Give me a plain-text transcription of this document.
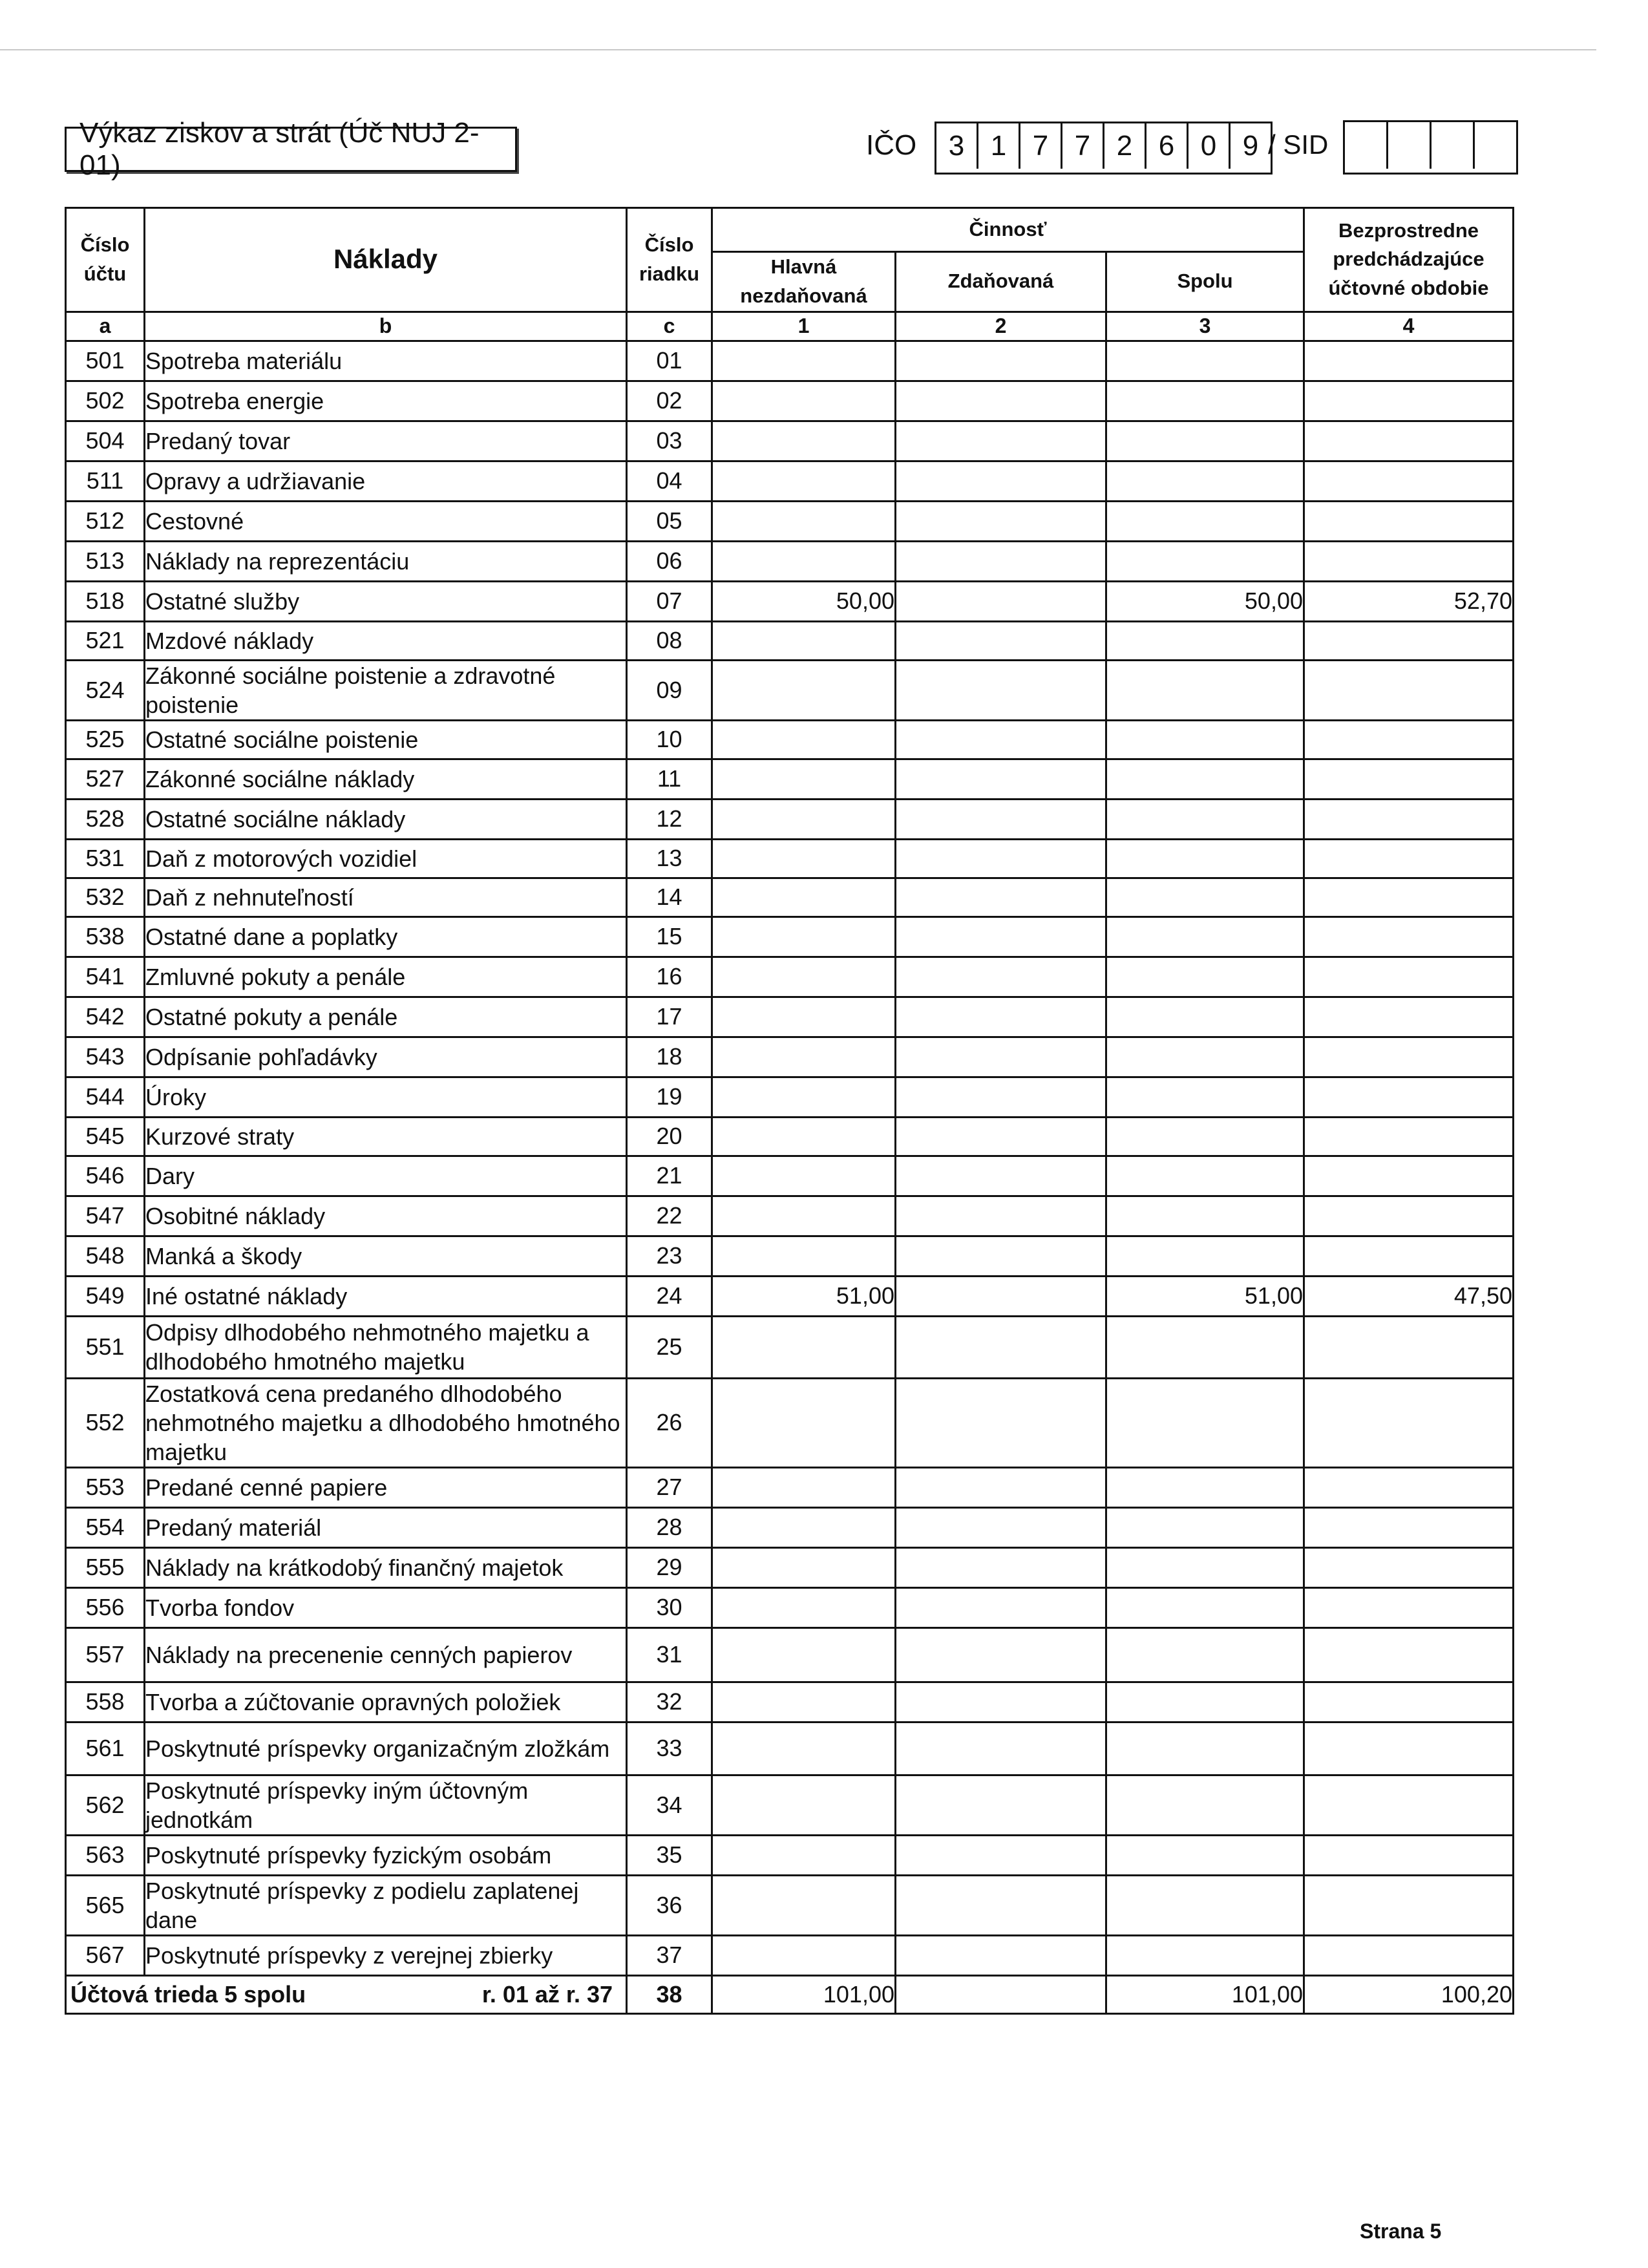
Výkaz ziskov a strát (Úč NUJ 2-01)
IČO	3 1 7 7 2 6 0 9 / SID
Číslo účtu	Náklady	Číslo riadku	Činnosť			Bezprostredne predchádzajúce účtovné obdobie
			Hlavná nezdaňovaná	Zdaňovaná	Spolu	
a	b	c	1	2	3	4
501	Spotreba materiálu	01				
502	Spotreba energie	02				
504	Predaný tovar	03				
511	Opravy a udržiavanie	04				
512	Cestovné	05				
513	Náklady na reprezentáciu	06				
518	Ostatné služby	07	50,00		50,00	52,70
521	Mzdové náklady	08				
524	Zákonné sociálne poistenie a zdravotné poistenie	09				
525	Ostatné sociálne poistenie	10				
527	Zákonné sociálne náklady	11				
528	Ostatné sociálne náklady	12				
531	Daň z motorových vozidiel	13				
532	Daň z nehnuteľností	14				
538	Ostatné dane a poplatky	15				
541	Zmluvné pokuty a penále	16				
542	Ostatné pokuty a penále	17				
543	Odpísanie pohľadávky	18				
544	Úroky	19				
545	Kurzové straty	20				
546	Dary	21				
547	Osobitné náklady	22				
548	Manká a škody	23				
549	Iné ostatné náklady	24	51,00		51,00	47,50
551	Odpisy dlhodobého nehmotného majetku a dlhodobého hmotného majetku	25				
552	Zostatková cena predaného dlhodobého nehmotného majetku a dlhodobého hmotného majetku	26				
553	Predané cenné papiere	27				
554	Predaný materiál	28				
555	Náklady na krátkodobý finančný majetok	29				
556	Tvorba fondov	30				
557	Náklady na precenenie cenných papierov	31				
558	Tvorba a zúčtovanie opravných položiek	32				
561	Poskytnuté príspevky organizačným zložkám	33				
562	Poskytnuté príspevky iným účtovným jednotkám	34				
563	Poskytnuté príspevky fyzickým osobám	35				
565	Poskytnuté príspevky z podielu zaplatenej dane	36				
567	Poskytnuté príspevky z verejnej zbierky	37				

Účtová trieda 5 spolu r. 01 až r. 37		38	101,00		101,00	100,20
Strana 5
